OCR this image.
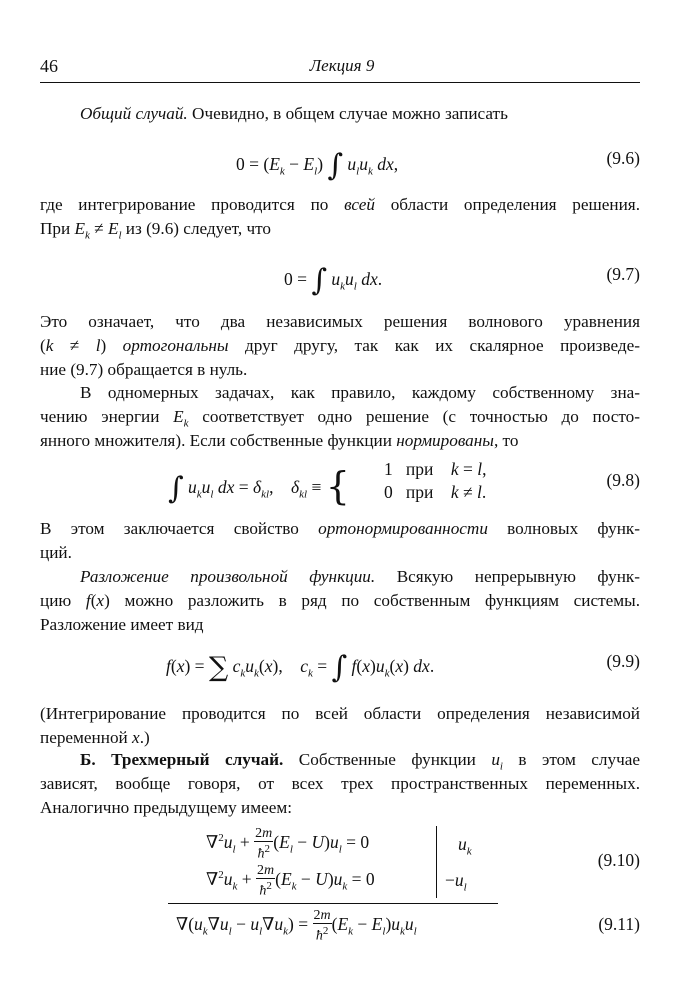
46	Лекция 9
Общий случай. Очевидно, в общем случае можно записать
$0 = (E_k - E_l)$ ∫ $u_lu_k$ dx,	(9.6)
где интегрирование проводится по всей области определения решения.
При $E_k \ne E_l$ из (9.6) следует, что
0 = ∫ $u_ku_l$ dx.	(9.7)
Это означает, что два независимых решения волнового уравнения
(k ≠ l) ортогональны друг другу, так как их скалярное произведе-
ние (9.7) обращается в нуль.
В одномерных задачах, как правило, каждому собственному зна-
чению энергии $E_k$ соответствует одно решение (с точностью до посто-
янного множителя). Если собственные функции нормированы, то
∫ $u_ku_l$ dx = $\delta_{kl}$,    $\delta_{kl}$ ≡ { 1   при k = l,
0   при k ≠ l.
(9.8)
В этом заключается свойство ортонормированности волновых функ-
ций.
Разложение произвольной функции. Всякую непрерывную функ-
цию f(x) можно разложить в ряд по собственным функциям системы.
Разложение имеет вид
f(x) = ∑ $c_ku_k(x)$,    $c_k$ = ∫ $f(x)u_k(x)$ dx.	(9.9)
(Интегрирование проводится по всей области определения независимой
переменной x.)
Б. Трехмерный случай. Собственные функции $u_i$ в этом случае
зависят, вообще говоря, от всех трех пространственных переменных.
Аналогично предыдущему имеем:
$\nabla^2u_l + \frac{2m}{ħ^2} (E_l - U)u_l = 0$	$u_k$
$\nabla^2u_k + \frac{2m}{ħ^2} (E_k - U)u_k = 0$	$-u_l$
(9.10)
$\nabla(u_k\nabla u_l - u_l\nabla u_k) = \frac{2m}{ħ^2} (E_k - E_l)u_ku_l$	(9.11)
